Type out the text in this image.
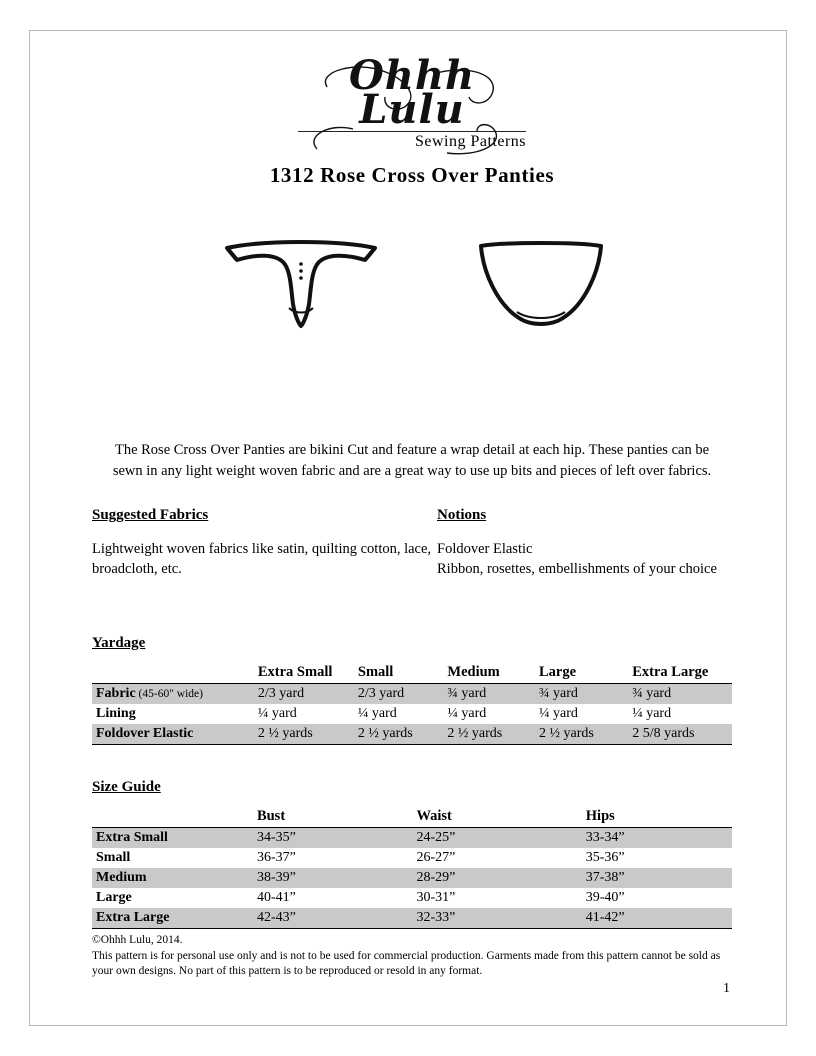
Ohhh
Lulu
Sewing Patterns
1312 Rose Cross Over Panties
The Rose Cross Over Panties are bikini Cut and feature a wrap detail at each hip. These panties can be sewn in any light weight woven fabric and are a great way to use up bits and pieces of left over fabrics.
Suggested Fabrics
Lightweight woven fabrics like satin, quilting cotton, lace, broadcloth, etc.
Notions
Foldover Elastic
Ribbon, rosettes, embellishments of your choice
Yardage
	Extra Small	Small	Medium	Large	Extra Large
Fabric (45-60" wide)	2/3 yard	2/3 yard	¾ yard	¾ yard	¾ yard
Lining	¼ yard	¼ yard	¼ yard	¼ yard	¼ yard
Foldover Elastic	2 ½ yards	2 ½ yards	2 ½ yards	2 ½ yards	2 5/8 yards
Size Guide
	Bust	Waist	Hips
Extra Small	34-35”	24-25”	33-34”
Small	36-37”	26-27”	35-36”
Medium	38-39”	28-29”	37-38”
Large	40-41”	30-31”	39-40”
Extra Large	42-43”	32-33”	41-42”
©Ohhh Lulu, 2014.
This pattern is for personal use only and is not to be used for commercial production. Garments made from this pattern cannot be sold as your own designs. No part of this pattern is to be reproduced or resold in any format.
1
